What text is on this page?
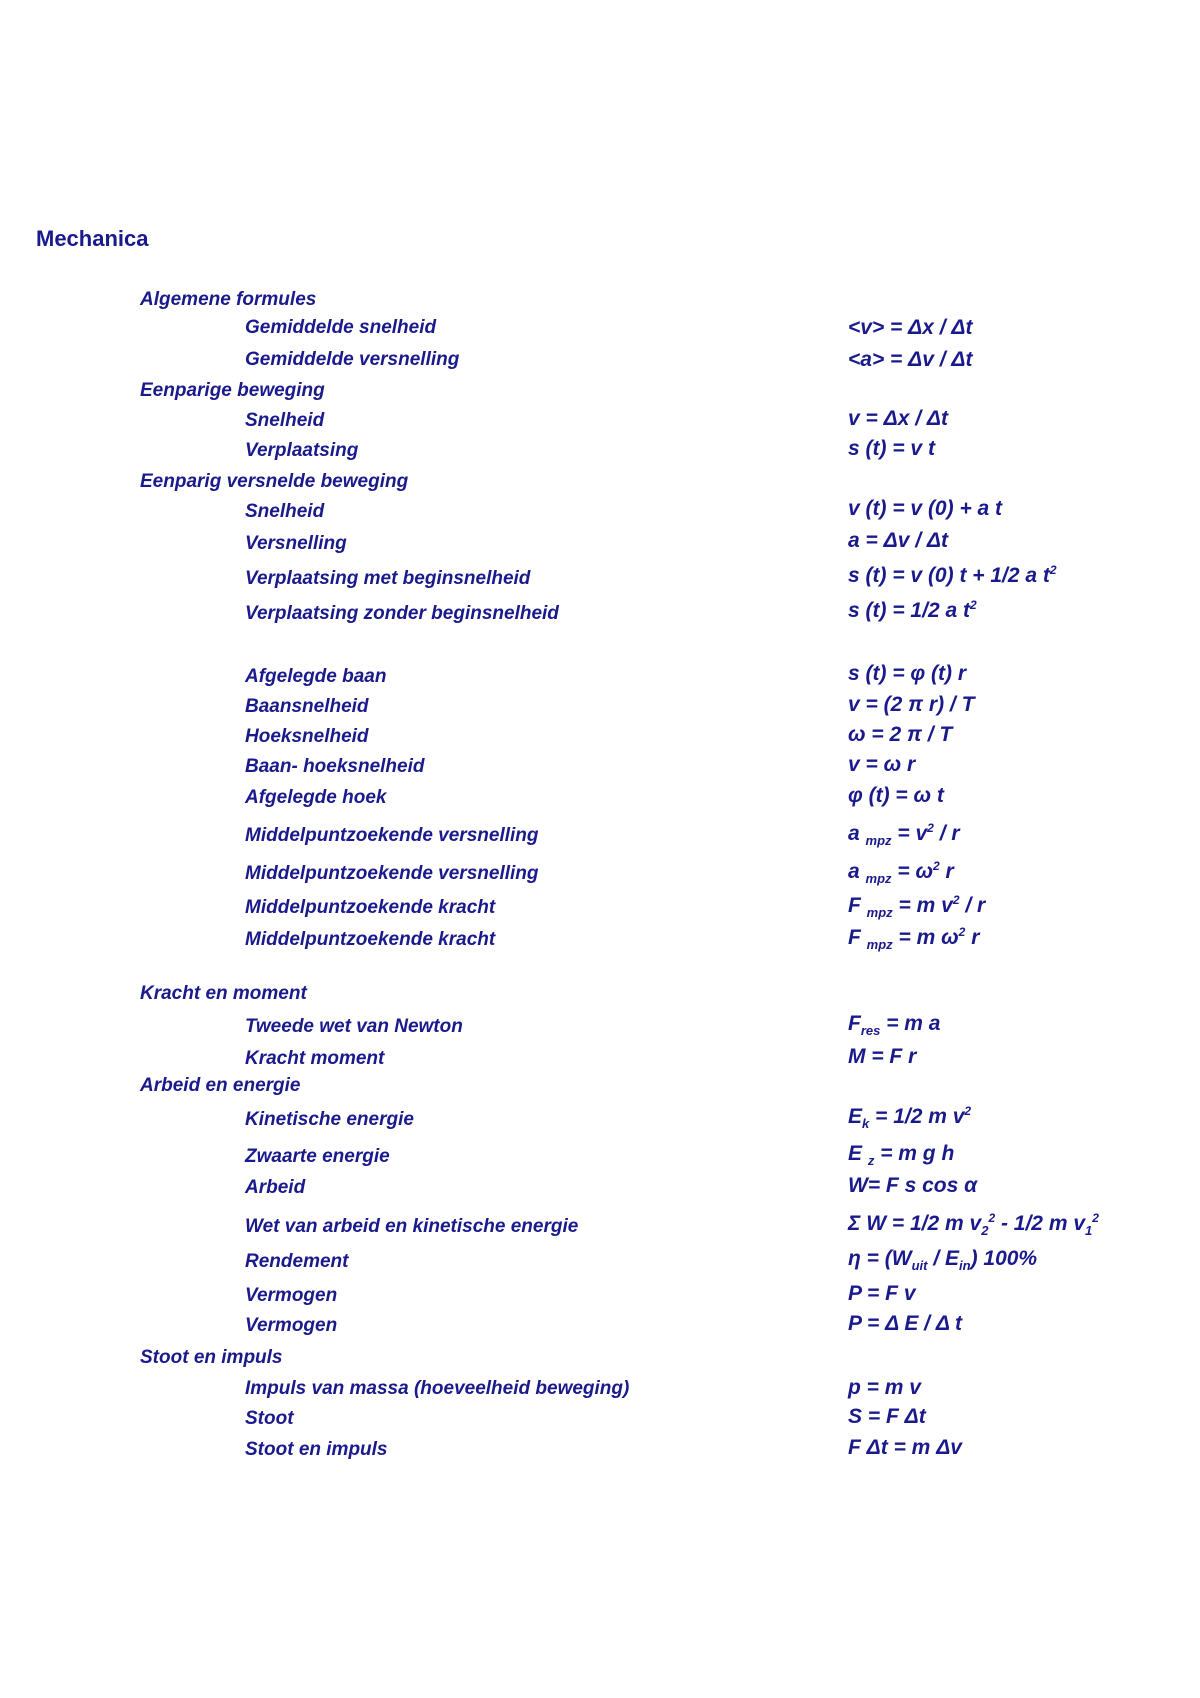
Mechanica
Algemene formules
Gemiddelde snelheid	<v> = Δx / Δt
Gemiddelde versnelling	<a> = Δv / Δt
Eenparige beweging
Snelheid	v = Δx / Δt
Verplaatsing	s (t) = v t
Eenparig versnelde beweging
Snelheid	v (t) = v (0) + a t
Versnelling	a = Δv / Δt
Verplaatsing met beginsnelheid	s (t) = v (0) t + 1/2 a $t^2$
Verplaatsing zonder beginsnelheid	s (t) = 1/2 a $t^2$
Afgelegde baan	s (t) = φ (t) r
Baansnelheid	v = (2 π r) / T
Hoeksnelheid	ω = 2 π / T
Baan- hoeksnelheid	v = ω r
Afgelegde hoek	φ (t) = ω t
Middelpuntzoekende versnelling	a $_{mpz} = v^2 / r$
Middelpuntzoekende versnelling	a $_{mpz} = \omega^2$ r
Middelpuntzoekende kracht	F $_{mpz}$ = m $v^2$ / r
Middelpuntzoekende kracht	F $_{mpz}$ = m $\omega^2$ r
Kracht en moment
Tweede wet van Newton	$F_{res} = m$ a
Kracht moment	M = F r
Arbeid en energie
Kinetische energie	$E_k = 1/2$ m $v^2$
Zwaarte energie	E $_z$ = m g h
Arbeid	W= F s cos α
Wet van arbeid en kinetische energie	Σ W = 1/2 m $v_2^2 - 1/2$ m $v_1^2$
Rendement	$\eta = (W_{uit} / E_{in})$ 100%
Vermogen	P = F v
Vermogen	P = Δ E / Δ t
Stoot en impuls
Impuls van massa (hoeveelheid beweging)	p = m v
Stoot	S = F Δt
Stoot en impuls	F Δt = m Δv
